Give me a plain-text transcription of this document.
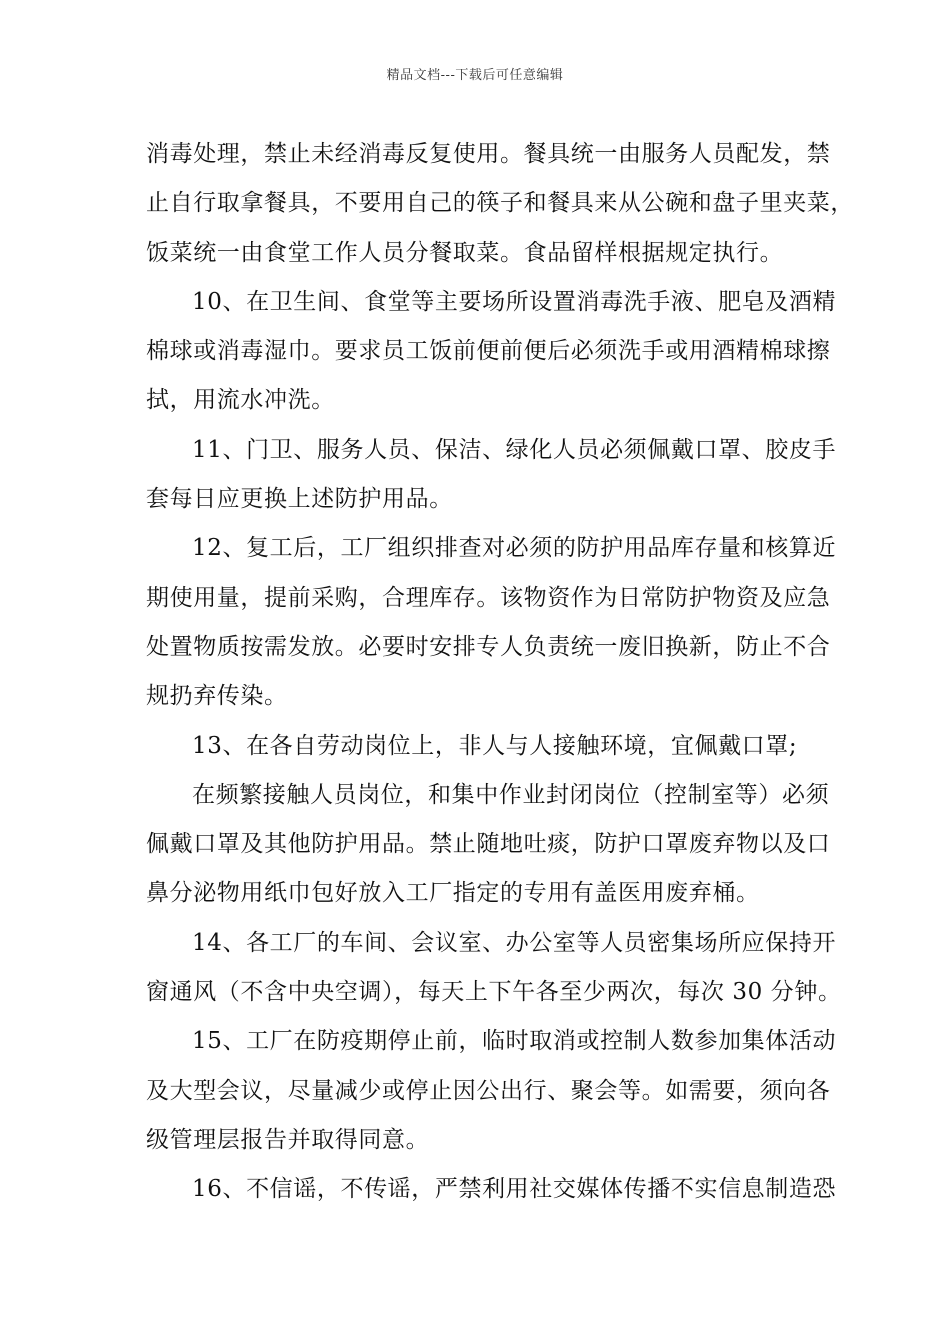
精品文档---下载后可任意编辑
消毒处理，禁止未经消毒反复使用。餐具统一由服务人员配发，禁
止自行取拿餐具，不要用自己的筷子和餐具来从公碗和盘子里夹菜，
饭菜统一由食堂工作人员分餐取菜。食品留样根据规定执行。
10、在卫生间、食堂等主要场所设置消毒洗手液、肥皂及酒精
棉球或消毒湿巾。要求员工饭前便前便后必须洗手或用酒精棉球擦
拭，用流水冲洗。
11、门卫、服务人员、保洁、绿化人员必须佩戴口罩、胶皮手
套每日应更换上述防护用品。
12、复工后，工厂组织排查对必须的防护用品库存量和核算近
期使用量，提前采购，合理库存。该物资作为日常防护物资及应急
处置物质按需发放。必要时安排专人负责统一废旧换新，防止不合
规扔弃传染。
13、在各自劳动岗位上，非人与人接触环境，宜佩戴口罩;
在频繁接触人员岗位，和集中作业封闭岗位（控制室等）必须
佩戴口罩及其他防护用品。禁止随地吐痰，防护口罩废弃物以及口
鼻分泌物用纸巾包好放入工厂指定的专用有盖医用废弃桶。
14、各工厂的车间、会议室、办公室等人员密集场所应保持开
窗通风（不含中央空调），每天上下午各至少两次，每次 30 分钟。
15、工厂在防疫期停止前，临时取消或控制人数参加集体活动
及大型会议，尽量减少或停止因公出行、聚会等。如需要，须向各
级管理层报告并取得同意。
16、不信谣，不传谣，严禁利用社交媒体传播不实信息制造恐
